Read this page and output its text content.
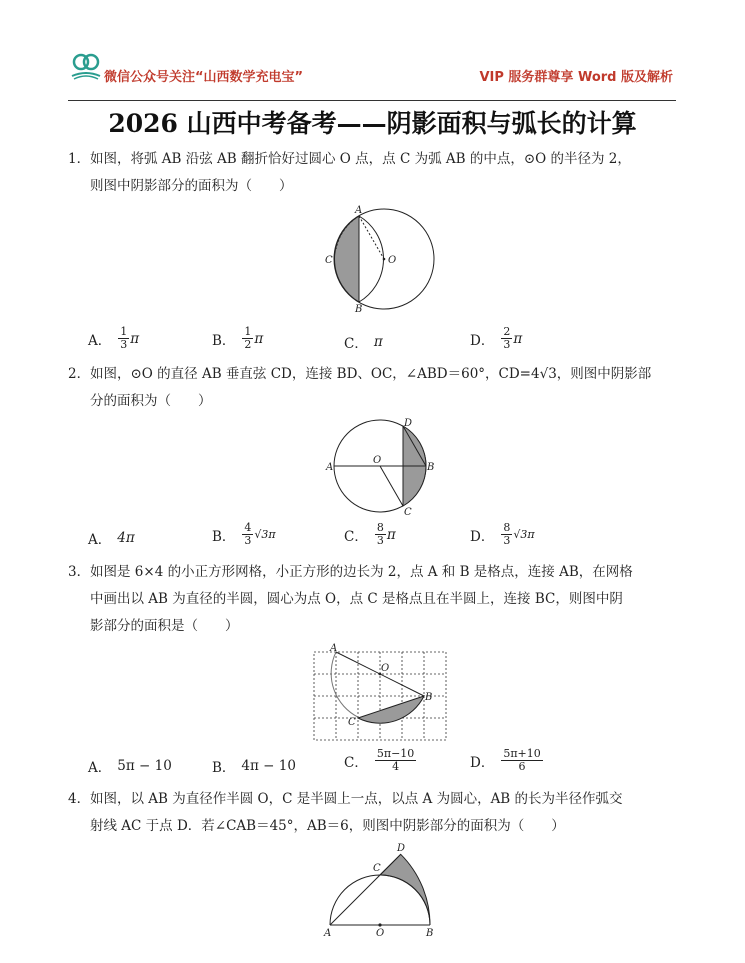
微信公众号关注“山西数学充电宝”	VIP 服务群尊享 Word 版及解析
2026 山西中考备考——阴影面积与弧长的计算
1．如图，将弧 AB 沿弦 AB 翻折恰好过圆心 O 点，点 C 为弧 AB 的中点，⊙O 的半径为 2，
则图中阴影部分的面积为（　　）
A
B
C	O
A． $\frac{1}{3}$ π	B． $\frac{1}{2}$ π	C． π	D． $\frac{2}{3}$ π
2．如图，⊙O 的直径 AB 垂直弦 CD，连接 BD、OC，∠ABD＝60°，CD=4√3，则图中阴影部
分的面积为（　　）
A	B
C
D
O
A． 4π	B． $\frac{4}{3} √3\pi$	C． $\frac{8}{3}$ π	D． $\frac{8}{3} √3\pi$
3．如图是 6×4 的小正方形网格，小正方形的边长为 2，点 A 和 B 是格点，连接 AB，在网格
中画出以 AB 为直径的半圆，圆心为点 O，点 C 是格点且在半圆上，连接 BC，则图中阴
影部分的面积是（　　）
A
B
C
O
A． 5π − 10	B． 4π − 10	C． $\frac{5\pi-10}{4}$	D． $\frac{5\pi+10}{6}$
4．如图，以 AB 为直径作半圆 O，C 是半圆上一点，以点 A 为圆心，AB 的长为半径作弧交
射线 AC 于点 D．若∠CAB＝45°，AB＝6，则图中阴影部分的面积为（　　）
A	B
C
D
O
